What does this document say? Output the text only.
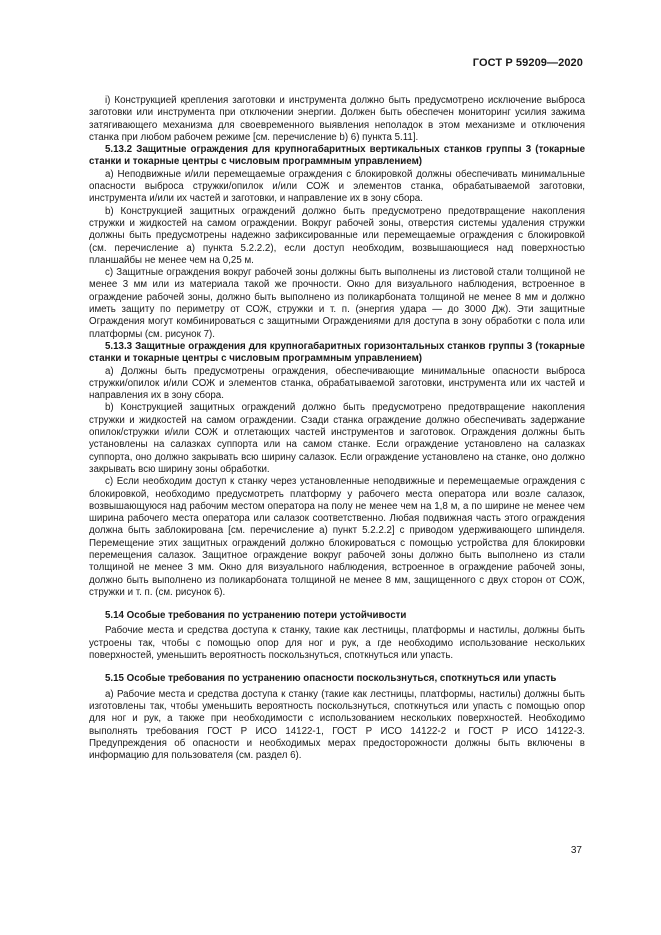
ГОСТ Р 59209—2020

i) Конструкцией крепления заготовки и инструмента должно быть предусмотрено исключение выброса заготовки или инструмента при отключении энергии. Должен быть обеспечен мониторинг усилия зажима затягивающего механизма для своевременного выявления неполадок в этом механизме и отключения станка при любом рабочем режиме [см. перечисление b) 6) пункта 5.11].

5.13.2 Защитные ограждения для крупногабаритных вертикальных станков группы 3 (токарные станки и токарные центры с числовым программным управлением)

a) Неподвижные и/или перемещаемые ограждения с блокировкой должны обеспечивать минимальные опасности выброса стружки/опилок и/или СОЖ и элементов станка, обрабатываемой заготовки, инструмента и/или их частей и заготовки, и направление их в зону сбора.

b) Конструкцией защитных ограждений должно быть предусмотрено предотвращение накопления стружки и жидкостей на самом ограждении. Вокруг рабочей зоны, отверстия системы удаления стружки должны быть предусмотрены надежно зафиксированные или перемещаемые ограждения с блокировкой (см. перечисление a) пункта 5.2.2.2), если доступ необходим, возвышающиеся над поверхностью планшайбы не менее чем на 0,25 м.

c) Защитные ограждения вокруг рабочей зоны должны быть выполнены из листовой стали толщиной не менее 3 мм или из материала такой же прочности. Окно для визуального наблюдения, встроенное в ограждение рабочей зоны, должно быть выполнено из поликарбоната толщиной не менее 8 мм и должно иметь защиту по периметру от СОЖ, стружки и т. п. (энергия удара — до 3000 Дж). Эти защитные Ограждения могут комбинироваться с защитными Ограждениями для доступа в зону обработки с пола или платформы (см. рисунок 7).

5.13.3 Защитные ограждения для крупногабаритных горизонтальных станков группы 3 (токарные станки и токарные центры с числовым программным управлением)

a) Должны быть предусмотрены ограждения, обеспечивающие минимальные опасности выброса стружки/опилок и/или СОЖ и элементов станка, обрабатываемой заготовки, инструмента или их частей и направления их в зону сбора.

b) Конструкцией защитных ограждений должно быть предусмотрено предотвращение накопления стружки и жидкостей на самом ограждении. Сзади станка ограждение должно обеспечивать задержание опилок/стружки и/или СОЖ и отлетающих частей инструментов и заготовок. Ограждения должны быть установлены на салазках суппорта или на самом станке. Если ограждение установлено на салазках суппорта, оно должно закрывать всю ширину салазок. Если ограждение установлено на станке, оно должно закрывать всю ширину зоны обработки.

c) Если необходим доступ к станку через установленные неподвижные и перемещаемые ограждения с блокировкой, необходимо предусмотреть платформу у рабочего места оператора или возле салазок, возвышающуюся над рабочим местом оператора на полу не менее чем на 1,8 м, а по ширине не менее чем ширина рабочего места оператора или салазок соответственно. Любая подвижная часть этого ограждения должна быть заблокирована [см. перечисление a) пункт 5.2.2.2] с приводом удерживающего шпинделя. Перемещение этих защитных ограждений должно блокироваться с помощью устройства для блокировки перемещения салазок. Защитное ограждение вокруг рабочей зоны должно быть выполнено из стали толщиной не менее 3 мм. Окно для визуального наблюдения, встроенное в ограждение рабочей зоны, должно быть выполнено из поликарбоната толщиной не менее 8 мм, защищенного с двух сторон от СОЖ, стружки и т. п. (см. рисунок 6).

5.14 Особые требования по устранению потери устойчивости

Рабочие места и средства доступа к станку, такие как лестницы, платформы и настилы, должны быть устроены так, чтобы с помощью опор для ног и рук, а где необходимо использование нескольких поверхностей, уменьшить вероятность поскользнуться, споткнуться или упасть.

5.15 Особые требования по устранению опасности поскользнуться, споткнуться или упасть

a) Рабочие места и средства доступа к станку (такие как лестницы, платформы, настилы) должны быть изготовлены так, чтобы уменьшить вероятность поскользнуться, споткнуться или упасть с помощью опор для ног и рук, а также при необходимости с использованием нескольких поверхностей. Необходимо выполнять требования ГОСТ Р ИСО 14122-1, ГОСТ Р ИСО 14122-2 и ГОСТ Р ИСО 14122-3. Предупреждения об опасности и необходимых мерах предосторожности должны быть включены в информацию для пользователя (см. раздел 6).

37
